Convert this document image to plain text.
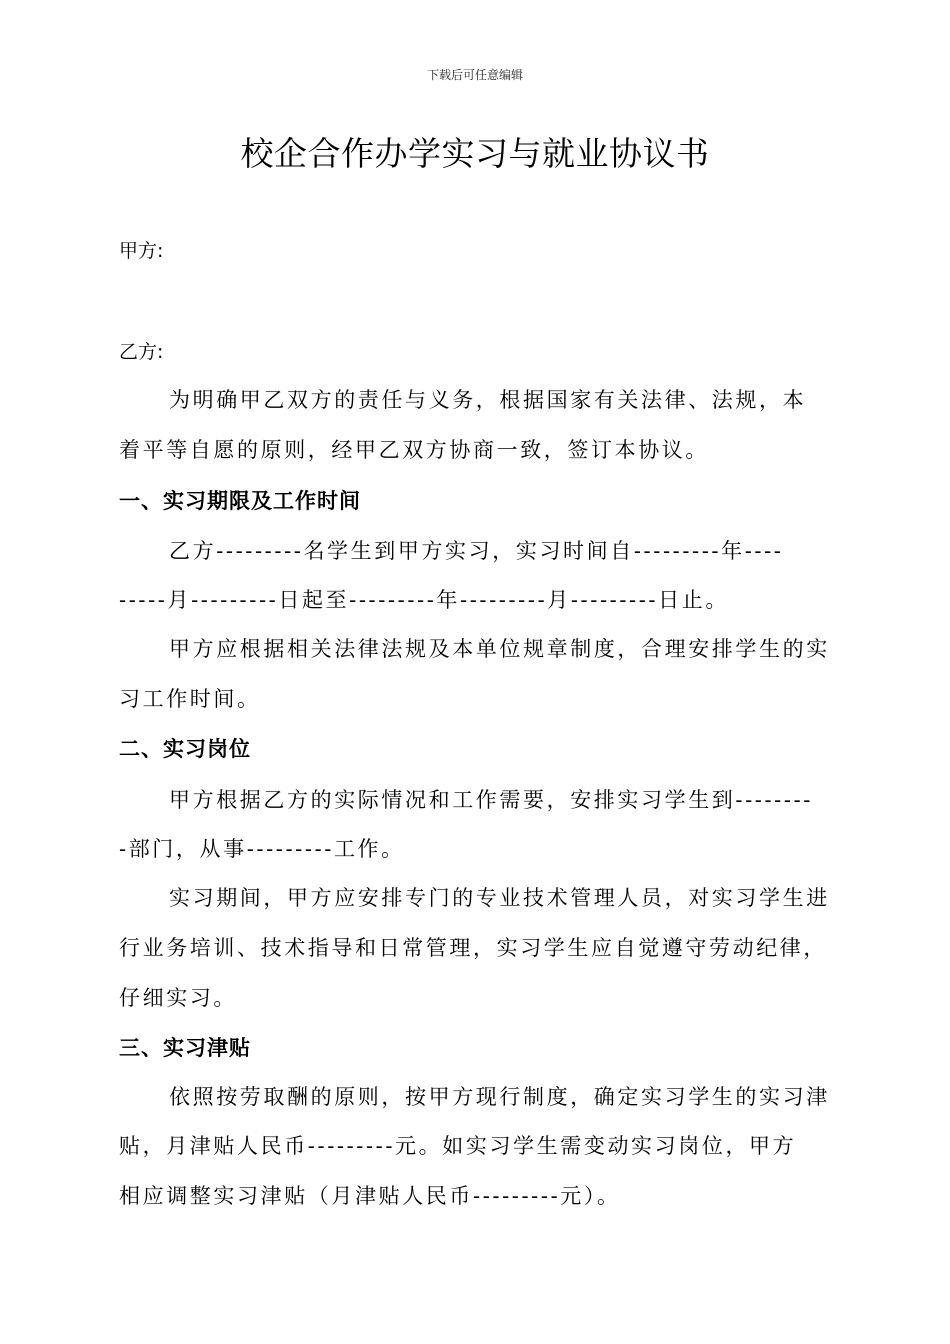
下载后可任意编辑
校企合作办学实习与就业协议书
甲方:
乙方:
为明确甲乙双方的责任与义务，根据国家有关法律、法规，本
着平等自愿的原则，经甲乙双方协商一致，签订本协议。
一、实习期限及工作时间
乙方---------名学生到甲方实习，实习时间自---------年----
-----月---------日起至---------年---------月---------日止。
甲方应根据相关法律法规及本单位规章制度，合理安排学生的实
习工作时间。
二、实习岗位
甲方根据乙方的实际情况和工作需要，安排实习学生到--------
-部门，从事---------工作。
实习期间，甲方应安排专门的专业技术管理人员，对实习学生进
行业务培训、技术指导和日常管理，实习学生应自觉遵守劳动纪律，
仔细实习。
三、实习津贴
依照按劳取酬的原则，按甲方现行制度，确定实习学生的实习津
贴，月津贴人民币---------元。如实习学生需变动实习岗位，甲方
相应调整实习津贴（月津贴人民币---------元）。
